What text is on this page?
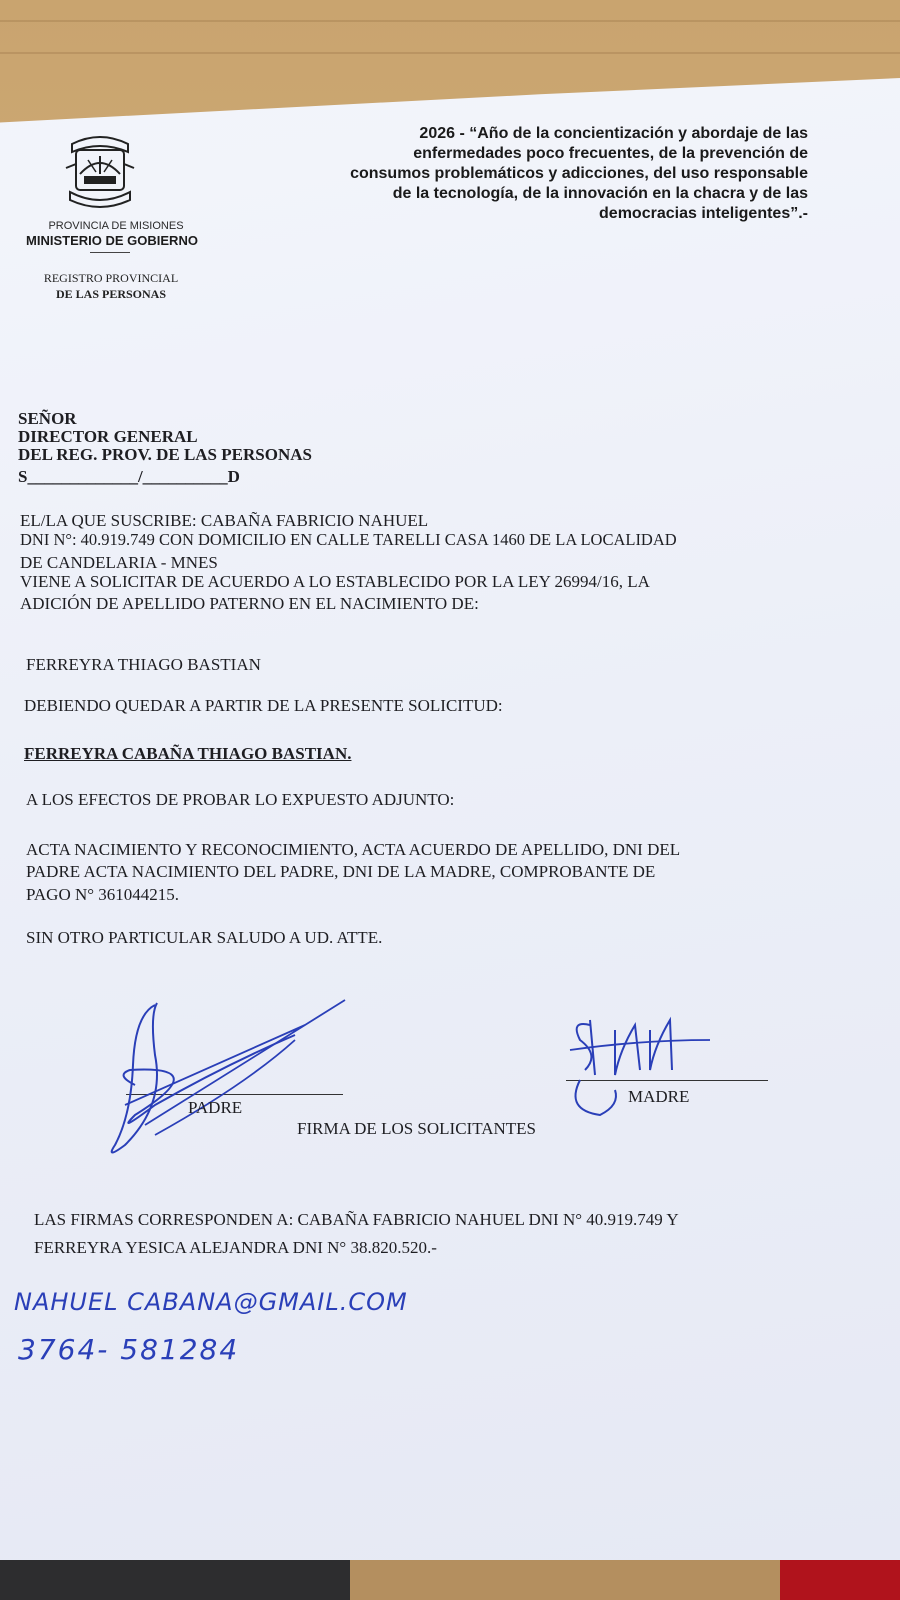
PROVINCIA DE MISIONES
MINISTERIO DE GOBIERNO
REGISTRO PROVINCIAL
DE LAS PERSONAS
2026 - “Año de la concientización y abordaje de las
enfermedades poco frecuentes, de la prevención de
consumos problemáticos y adicciones, del uso responsable
de la tecnología, de la innovación en la chacra y de las
democracias inteligentes”.-
SEÑOR
DIRECTOR GENERAL
DEL REG. PROV. DE LAS PERSONAS
S_____________/__________D
EL/LA QUE SUSCRIBE: CABAÑA FABRICIO NAHUEL
DNI N°: 40.919.749 CON DOMICILIO EN CALLE TARELLI CASA 1460 DE LA LOCALIDAD
DE CANDELARIA - MNES
VIENE A SOLICITAR DE ACUERDO A LO ESTABLECIDO POR LA LEY 26994/16, LA
ADICIÓN DE APELLIDO PATERNO EN EL NACIMIENTO DE:
FERREYRA THIAGO BASTIAN
DEBIENDO QUEDAR A PARTIR DE LA PRESENTE SOLICITUD:
FERREYRA CABAÑA THIAGO BASTIAN.
A LOS EFECTOS DE PROBAR LO EXPUESTO ADJUNTO:
ACTA NACIMIENTO Y RECONOCIMIENTO, ACTA ACUERDO DE APELLIDO, DNI DEL
PADRE ACTA NACIMIENTO DEL PADRE, DNI DE LA MADRE, COMPROBANTE DE
PAGO N° 361044215.
SIN OTRO PARTICULAR SALUDO A UD. ATTE.
PADRE
MADRE
FIRMA DE LOS SOLICITANTES
LAS FIRMAS CORRESPONDEN A: CABAÑA FABRICIO NAHUEL DNI N° 40.919.749 Y
FERREYRA YESICA ALEJANDRA DNI N° 38.820.520.-
NAHUEL CABANA@GMAIL.COM
3764- 581284
